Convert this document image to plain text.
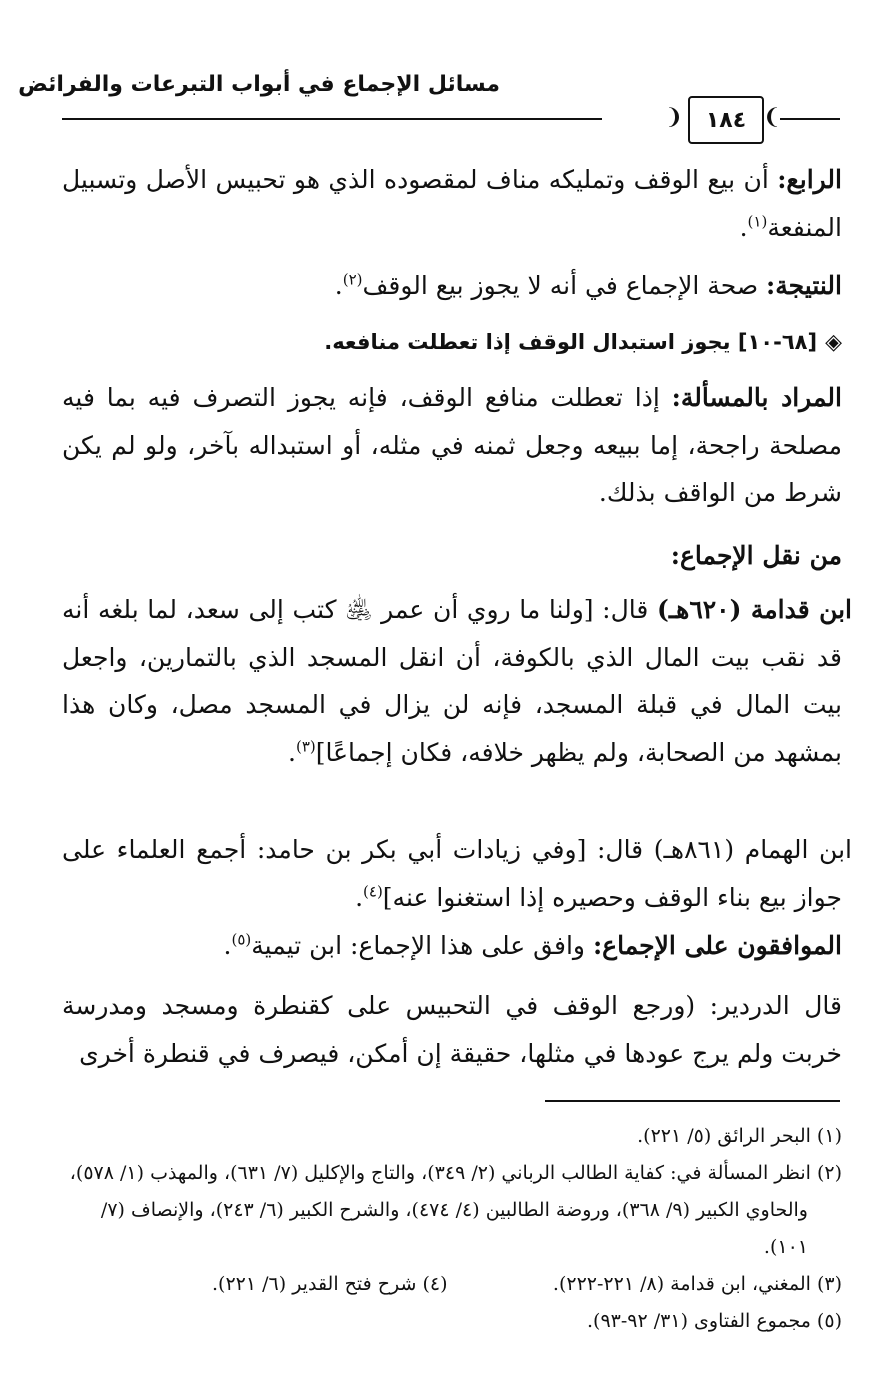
مسائل الإجماع في أبواب التبرعات والفرائض
❨	١٨٤ ❩
الرابع: أن بيع الوقف وتمليكه مناف لمقصوده الذي هو تحبيس الأصل وتسبيل المنفعة$^{(١)}$.
النتيجة: صحة الإجماع في أنه لا يجوز بيع الوقف$^{(٢)}$.
◈[٦٨-١٠] يجوز استبدال الوقف إذا تعطلت منافعه.
المراد بالمسألة: إذا تعطلت منافع الوقف، فإنه يجوز التصرف فيه بما فيه مصلحة راجحة، إما ببيعه وجعل ثمنه في مثله، أو استبداله بآخر، ولو لم يكن شرط من الواقف بذلك.
من نقل الإجماع:
ابن قدامة (٦٢٠هـ) قال: [ولنا ما روي أن عمر ﵁ كتب إلى سعد، لما بلغه أنه قد نقب بيت المال الذي بالكوفة، أن انقل المسجد الذي بالتمارين، واجعل بيت المال في قبلة المسجد، فإنه لن يزال في المسجد مصل، وكان هذا بمشهد من الصحابة، ولم يظهر خلافه، فكان إجماعًا]$^{(٣)}$.
ابن الهمام (٨٦١هـ) قال: [وفي زيادات أبي بكر بن حامد: أجمع العلماء على جواز بيع بناء الوقف وحصيره إذا استغنوا عنه]$^{(٤)}$.
الموافقون على الإجماع: وافق على هذا الإجماع: ابن تيمية$^{(٥)}$.
قال الدردير: (ورجع الوقف في التحبيس على كقنطرة ومسجد ومدرسة خربت ولم يرج عودها في مثلها، حقيقة إن أمكن، فيصرف في قنطرة أخرى
(١) البحر الرائق (٥/ ٢٢١).
(٢) انظر المسألة في: كفاية الطالب الرباني (٢/ ٣٤٩)، والتاج والإكليل (٧/ ٦٣١)، والمهذب (١/ ٥٧٨)، والحاوي الكبير (٩/ ٣٦٨)، وروضة الطالبين (٤/ ٤٧٤)، والشرح الكبير (٦/ ٢٤٣)، والإنصاف (٧/ ١٠١).
(٣) المغني، ابن قدامة (٨/ ٢٢١-٢٢٢).
(٤) شرح فتح القدير (٦/ ٢٢١).
(٥) مجموع الفتاوى (٣١/ ٩٢-٩٣).
